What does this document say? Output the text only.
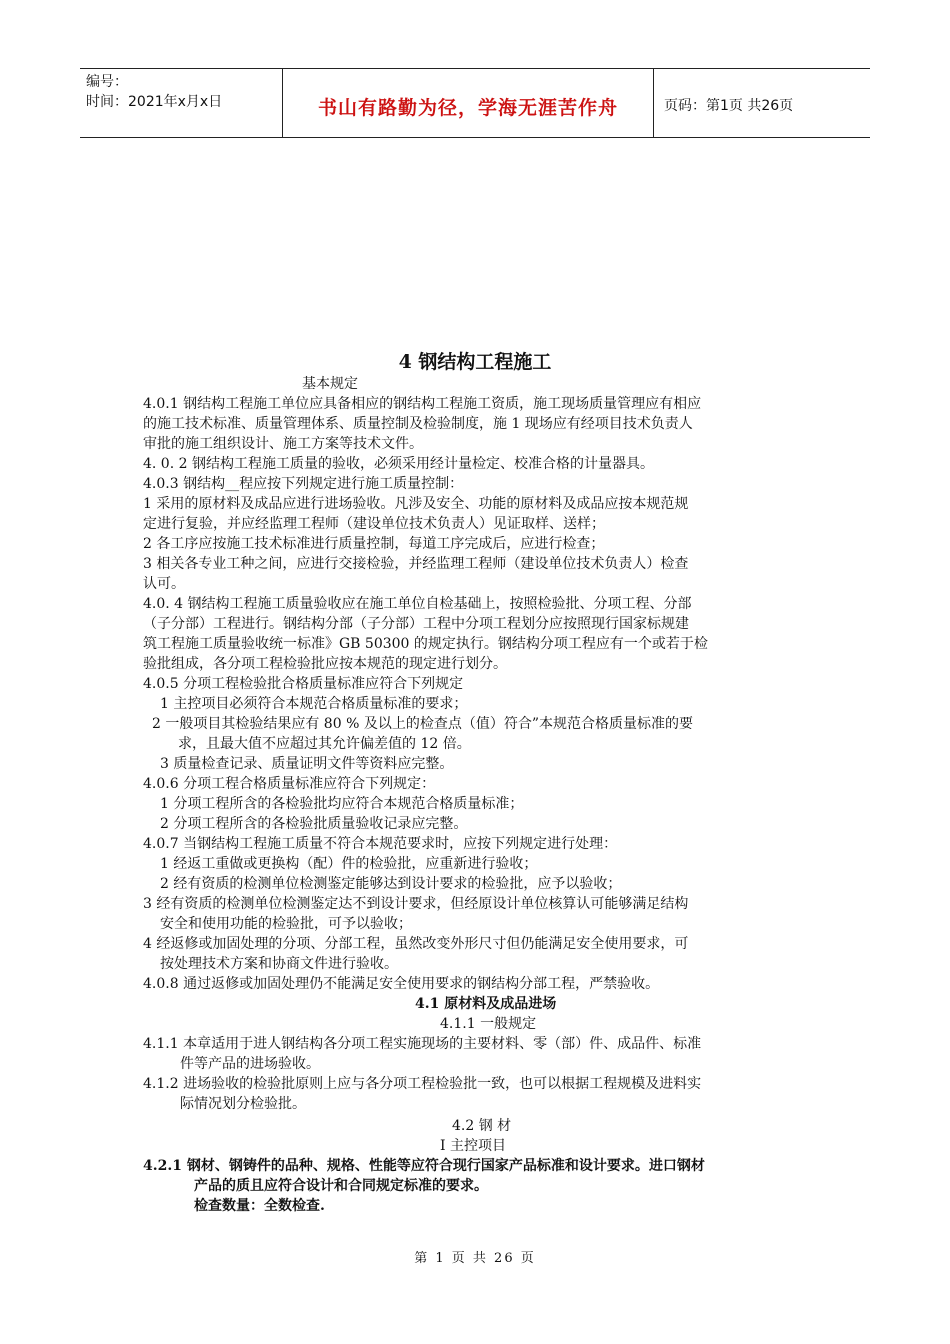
编号：
时间：2021年x月x日	书山有路勤为径，学海无涯苦作舟	页码：第1页 共26页
4 钢结构工程施工
基本规定
4.0.1 钢结构工程施工单位应具备相应的钢结构工程施工资质，施工现场质量管理应有相应
的施工技术标准、质量管理体系、质量控制及检验制度，施 1 现场应有经项目技术负责人
审批的施工组织设计、施工方案等技术文件。
4. 0. 2 钢结构工程施工质量的验收，必须采用经计量检定、校准合格的计量器具。
4.0.3 钢结构__程应按下列规定进行施工质量控制：
1 采用的原材料及成品应进行进场验收。凡涉及安全、功能的原材料及成品应按本规范规
定进行复验，并应经监理工程师（建设单位技术负责人）见证取样、送样；
2 各工序应按施工技术标准进行质量控制，每道工序完成后，应进行检查；
3 相关各专业工种之间，应进行交接检验，并经监理工程师（建设单位技术负责人）检查
认可。
4.0. 4 钢结构工程施工质量验收应在施工单位自检基础上，按照检验批、分项工程、分部
（子分部）工程进行。钢结构分部（子分部）工程中分项工程划分应按照现行国家标规建
筑工程施工质量验收统一标准》GB 50300 的规定执行。钢结构分项工程应有一个或若于检
验批组成，各分项工程检验批应按本规范的现定进行划分。
4.0.5 分项工程检验批合格质量标准应符合下列规定
1 主控项目必须符合本规范合格质量标准的要求；
2 一般项目其检验结果应有 80 % 及以上的检查点（值）符合”本规范合格质量标准的要
求，且最大值不应超过其允许偏差值的 12 倍。
3 质量检查记录、质量证明文件等资料应完整。
4.0.6 分项工程合格质量标准应符合下列规定：
1 分项工程所含的各检验批均应符合本规范合格质量标准；
2 分项工程所含的各检验批质量验收记录应完整。
4.0.7 当钢结构工程施工质量不符合本规范要求时，应按下列规定进行处理：
1 经返工重做或更换构（配）件的检验批，应重新进行验收；
2 经有资质的检测单位检测鉴定能够达到设计要求的检验批，应予以验收；
3 经有资质的检测单位检测鉴定达不到设计要求，但经原设计单位核算认可能够满足结构
安全和使用功能的检验批，可予以验收；
4 经返修或加固处理的分项、分部工程，虽然改变外形尺寸但仍能满足安全使用要求，可
按处理技术方案和协商文件进行验收。
4.0.8 通过返修或加固处理仍不能满足安全使用要求的钢结构分部工程，严禁验收。
4.1 原材料及成品进场
4.1.1 一般规定
4.1.1 本章适用于进人钢结构各分项工程实施现场的主要材料、零（部）件、成品件、标准
件等产品的进场验收。
4.1.2 进场验收的检验批原则上应与各分项工程检验批一致，也可以根据工程规模及进料实
际情况划分检验批。
4.2 钢 材
I 主控项目
4.2.1 钢材、钢铸件的品种、规格、性能等应符合现行国家产品标准和设计要求。进口钢材
产品的质且应符合设计和合同规定标准的要求。
检查数量：全数检查.
第 1 页 共 26 页
